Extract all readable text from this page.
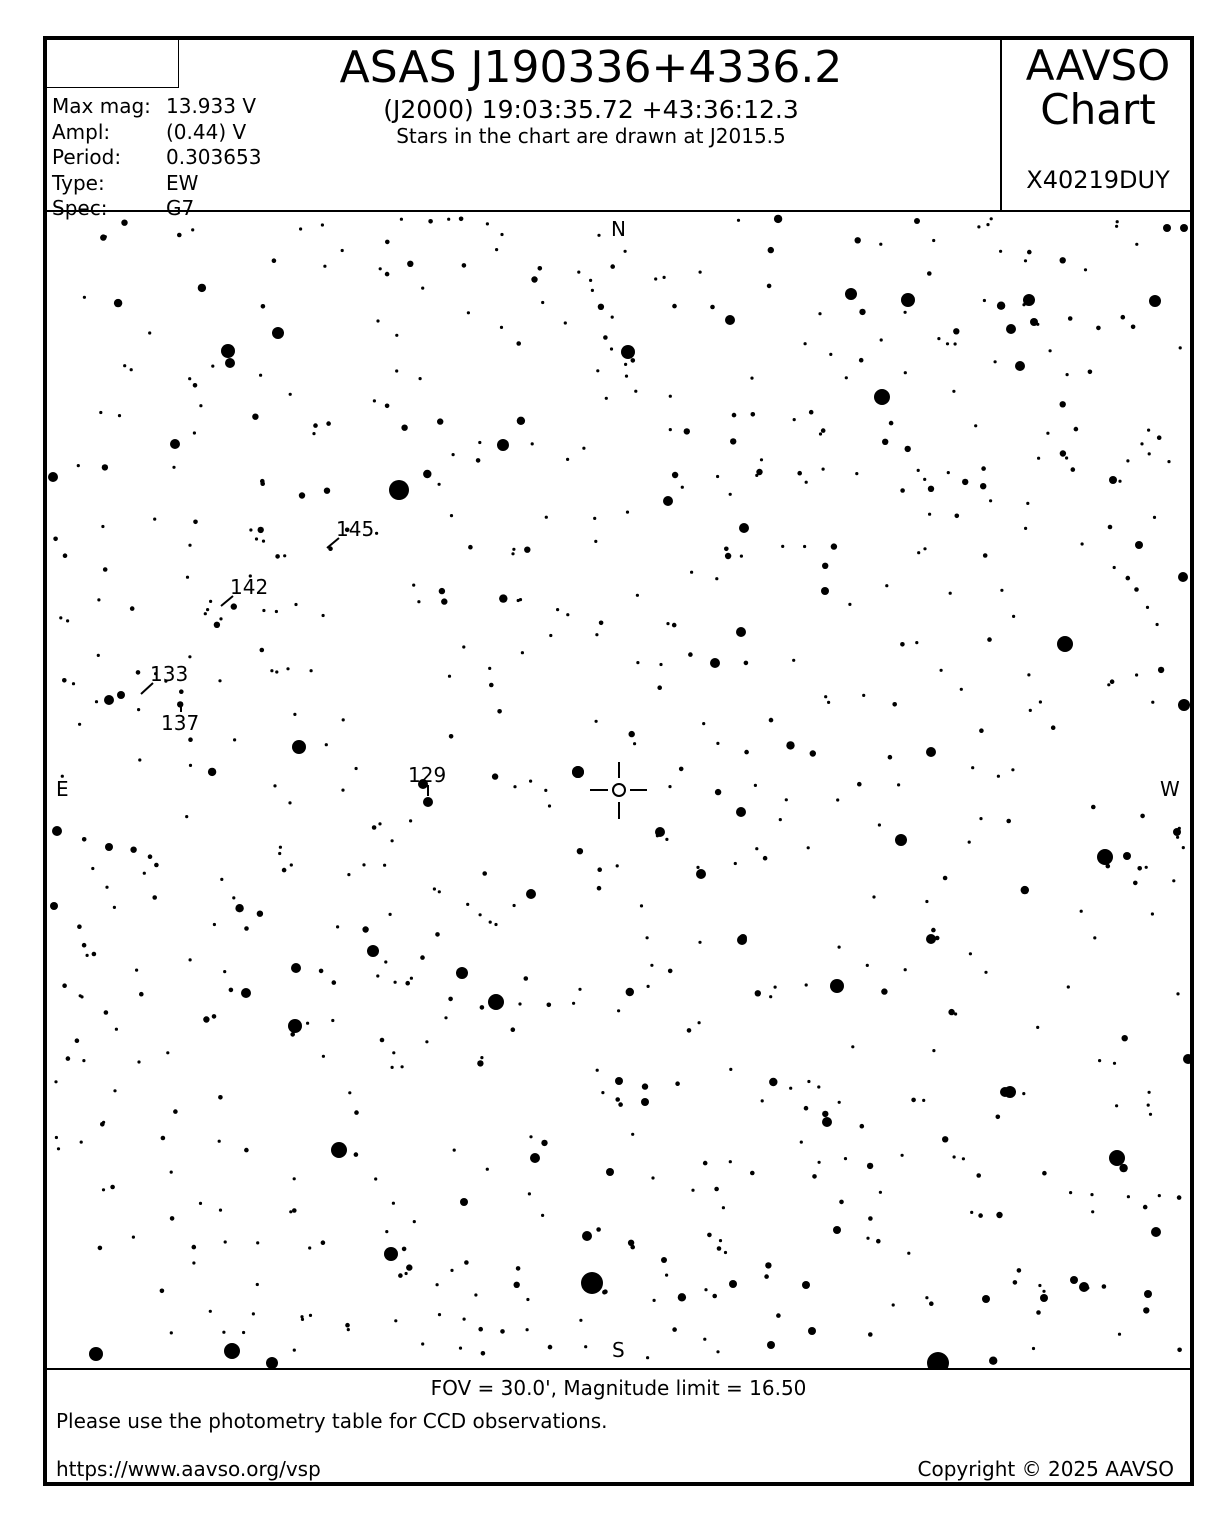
Max mag: 13.933 V
Ampl:	(0.44) V
Period:	0.303653
Type:	EW
Spec:	G7
ASAS J190336+4336.2
(J2000) 19:03:35.72 +43:36:12.3
Stars in the chart are drawn at J2015.5
AAVSO
Chart
X40219DUY
145
142
133
137
129
N
S
E	W
FOV = 30.0', Magnitude limit = 16.50
Please use the photometry table for CCD observations.
https://www.aavso.org/vsp	Copyright © 2025 AAVSO
